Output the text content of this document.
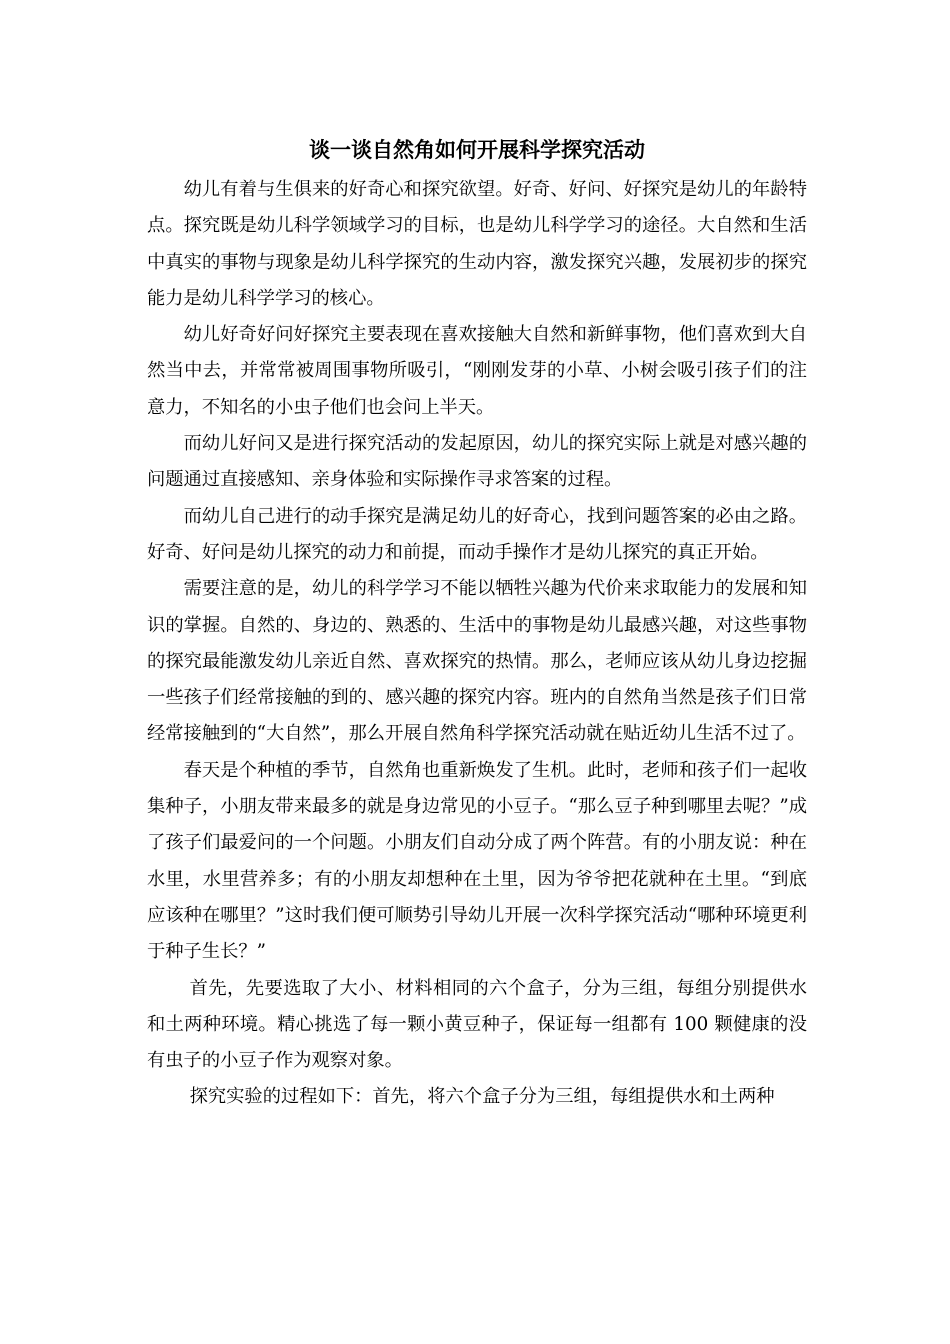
谈一谈自然角如何开展科学探究活动

幼儿有着与生俱来的好奇心和探究欲望。好奇、好问、好探究是幼儿的年龄特点。探究既是幼儿科学领域学习的目标，也是幼儿科学学习的途径。大自然和生活中真实的事物与现象是幼儿科学探究的生动内容，激发探究兴趣，发展初步的探究能力是幼儿科学学习的核心。

幼儿好奇好问好探究主要表现在喜欢接触大自然和新鲜事物，他们喜欢到大自然当中去，并常常被周围事物所吸引，“刚刚发芽的小草、小树会吸引孩子们的注意力，不知名的小虫子他们也会问上半天。

而幼儿好问又是进行探究活动的发起原因，幼儿的探究实际上就是对感兴趣的问题通过直接感知、亲身体验和实际操作寻求答案的过程。

而幼儿自己进行的动手探究是满足幼儿的好奇心，找到问题答案的必由之路。好奇、好问是幼儿探究的动力和前提，而动手操作才是幼儿探究的真正开始。

需要注意的是，幼儿的科学学习不能以牺牲兴趣为代价来求取能力的发展和知识的掌握。自然的、身边的、熟悉的、生活中的事物是幼儿最感兴趣，对这些事物的探究最能激发幼儿亲近自然、喜欢探究的热情。那么，老师应该从幼儿身边挖掘一些孩子们经常接触的到的、感兴趣的探究内容。班内的自然角当然是孩子们日常经常接触到的“大自然”，那么开展自然角科学探究活动就在贴近幼儿生活不过了。

春天是个种植的季节，自然角也重新焕发了生机。此时，老师和孩子们一起收集种子，小朋友带来最多的就是身边常见的小豆子。“那么豆子种到哪里去呢？”成了孩子们最爱问的一个问题。小朋友们自动分成了两个阵营。有的小朋友说：种在水里，水里营养多；有的小朋友却想种在土里，因为爷爷把花就种在土里。“到底应该种在哪里？”这时我们便可顺势引导幼儿开展一次科学探究活动“哪种环境更利于种子生长？”

首先，先要选取了大小、材料相同的六个盒子，分为三组，每组分别提供水和土两种环境。精心挑选了每一颗小黄豆种子，保证每一组都有 100 颗健康的没有虫子的小豆子作为观察对象。

探究实验的过程如下：首先，将六个盒子分为三组，每组提供水和土两种
